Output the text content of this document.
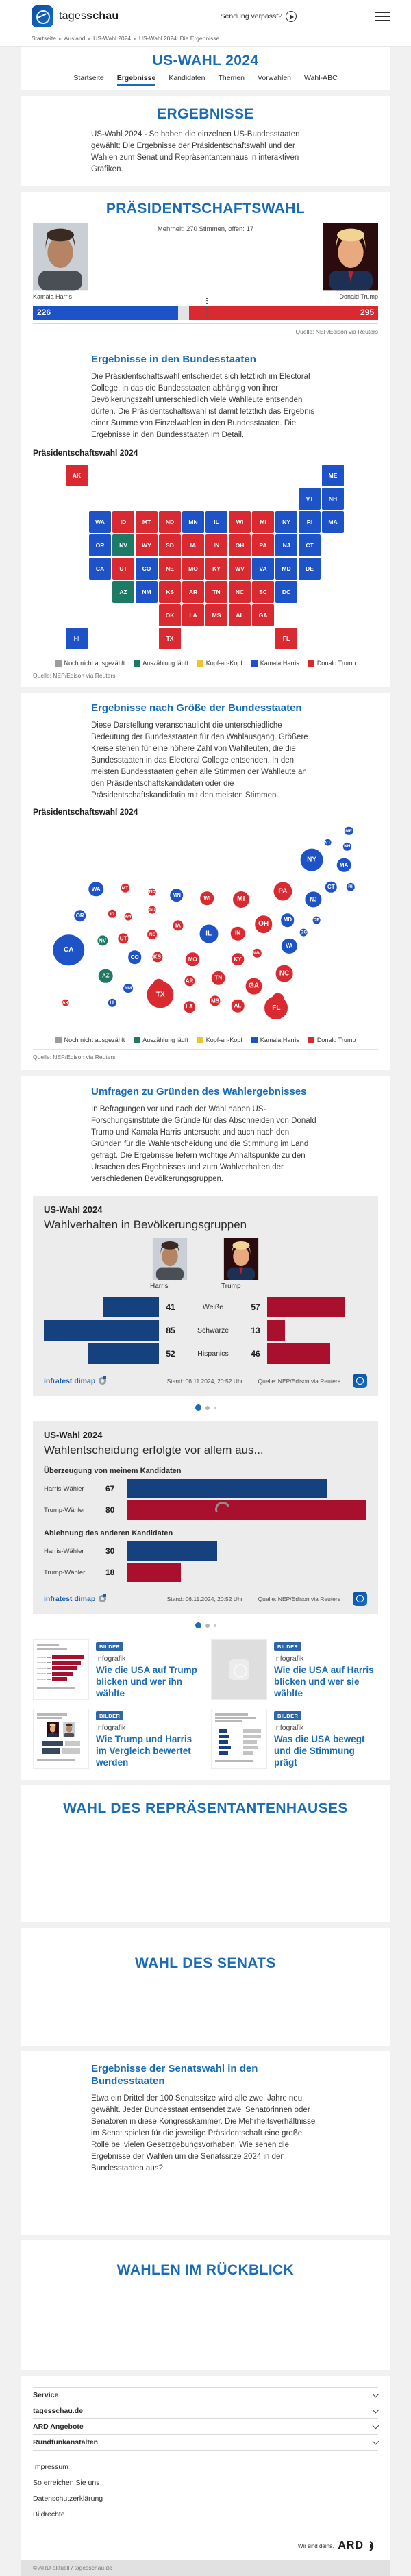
tagesschau	Sendung verpasst?
Startseite ▸ Ausland ▸ US-Wahl 2024 ▸ US-Wahl 2024: Die Ergebnisse
US-WAHL 2024
Startseite Ergebnisse Kandidaten Themen Vorwahlen Wahl-ABC
ERGEBNISSE

US-Wahl 2024 - So haben die einzelnen US-Bundesstaaten gewählt: Die Ergebnisse der Präsidentschaftswahl und der Wahlen zum Senat und Repräsentantenhaus in interaktiven Grafiken.

PRÄSIDENTSCHAFTSWAHL
Mehrheit: 270 Stimmen, offen: 17
Kamala Harris	Donald Trump
226	295
Quelle: NEP/Edison via Reuters
Ergebnisse in den Bundesstaaten

Die Präsidentschaftswahl entscheidet sich letztlich im Electoral College, in das die Bundesstaaten abhängig von ihrer Bevölkerungszahl unterschiedlich viele Wahlleute entsenden dürfen. Die Präsidentschaftswahl ist damit letztlich das Ergebnis einer Summe von Einzelwahlen in den Bundesstaaten. Die Ergebnisse in den Bundesstaaten im Detail.

Präsidentschaftswahl 2024
AK	ME
VT	NH
WA	ID	MT	ND	MN	IL	WI	MI	NY	RI	MA
OR	NV	WY	SD	IA	IN	OH	PA	NJ	CT
CA	UT	CO	NE	MO	KY	WV	VA	MD	DE
AZ	NM	KS	AR	TN	NC	SC	DC
OK	LA	MS	AL	GA
HI	TX	FL
Noch nicht ausgezählt	Auszählung läuft	Kopf-an-Kopf	Kamala Harris	Donald Trump
Quelle: NEP/Edison via Reuters
Ergebnisse nach Größe der Bundesstaaten

Diese Darstellung veranschaulicht die unterschiedliche Bedeutung der Bundesstaaten für den Wahlausgang. Größere Kreise stehen für eine höhere Zahl von Wahlleuten, die die Bundesstaaten in das Electoral College entsenden. In den meisten Bundesstaaten gehen alle Stimmen der Wahlleute an den Präsidentschaftskandidaten oder die Präsidentschaftskandidatin mit den meisten Stimmen.

Präsidentschaftswahl 2024
AK
ME
VT
NH
WA
ID
MT
ND
MN
IL
WI	MI
NY
RI
MA
OR
NV
WY
SD
IA
IN
OH
PA
NJ
CT
CA
UT
CO
NE
MO	KY
WV
VA
MD	DE
AZ
NM
KS
AR
TN
NC
DC
LA
MS
AL
GA
HI
TX
FL
Noch nicht ausgezählt	Auszählung läuft	Kopf-an-Kopf	Kamala Harris	Donald Trump
Quelle: NEP/Edison via Reuters
Umfragen zu Gründen des Wahlergebnisses

In Befragungen vor und nach der Wahl haben US-Forschungsinstitute die Gründe für das Abschneiden von Donald Trump und Kamala Harris untersucht und auch nach den Gründen für die Wahlentscheidung und die Stimmung im Land gefragt. Die Ergebnisse liefern wichtige Anhaltspunkte zu den Ursachen des Ergebnisses und zum Wahlverhalten der verschiedenen Bevölkerungsgruppen.

US-Wahl 2024
Wahlverhalten in Bevölkerungsgruppen
Harris	Trump
41	Weiße	57
85	Schwarze	13
52	Hispanics	46
infratest dimap	Stand: 06.11.2024, 20:52 Uhr	Quelle: NEP/Edison via Reuters
US-Wahl 2024
Wahlentscheidung erfolgte vor allem aus...
Überzeugung von meinem Kandidaten
Harris-Wähler	67
Trump-Wähler	80
Ablehnung des anderen Kandidaten
Harris-Wähler	30
Trump-Wähler	18
infratest dimap	Stand: 06.11.2024, 20:52 Uhr	Quelle: NEP/Edison via Reuters
BILDER
Infografik
Wie die USA auf Trump blicken und wer ihn wählte
BILDER
Infografik
Wie die USA auf Harris blicken und wer sie wählte
BILDER
Infografik
Wie Trump und Harris im Vergleich bewertet werden
BILDER
Infografik
Was die USA bewegt und die Stimmung prägt
WAHL DES REPRÄSENTANTENHAUSES
WAHL DES SENATS
Ergebnisse der Senatswahl in den Bundesstaaten

Etwa ein Drittel der 100 Senatssitze wird alle zwei Jahre neu gewählt. Jeder Bundesstaat entsendet zwei Senatorinnen oder Senatoren in diese Kongresskammer. Die Mehrheitsverhältnisse im Senat spielen für die jeweilige Präsidentschaft eine große Rolle bei vielen Gesetzgebungsvorhaben. Wie sehen die Ergebnisse der Wahlen um die Senatssitze 2024 in den Bundesstaaten aus?

WAHLEN IM RÜCKBLICK
Service
tagesschau.de
ARD Angebote
Rundfunkanstalten
Impressum
So erreichen Sie uns
Datenschutzerklärung
Bildrechte
Wir sind deins. ARD
© ARD-aktuell / tagesschau.de
